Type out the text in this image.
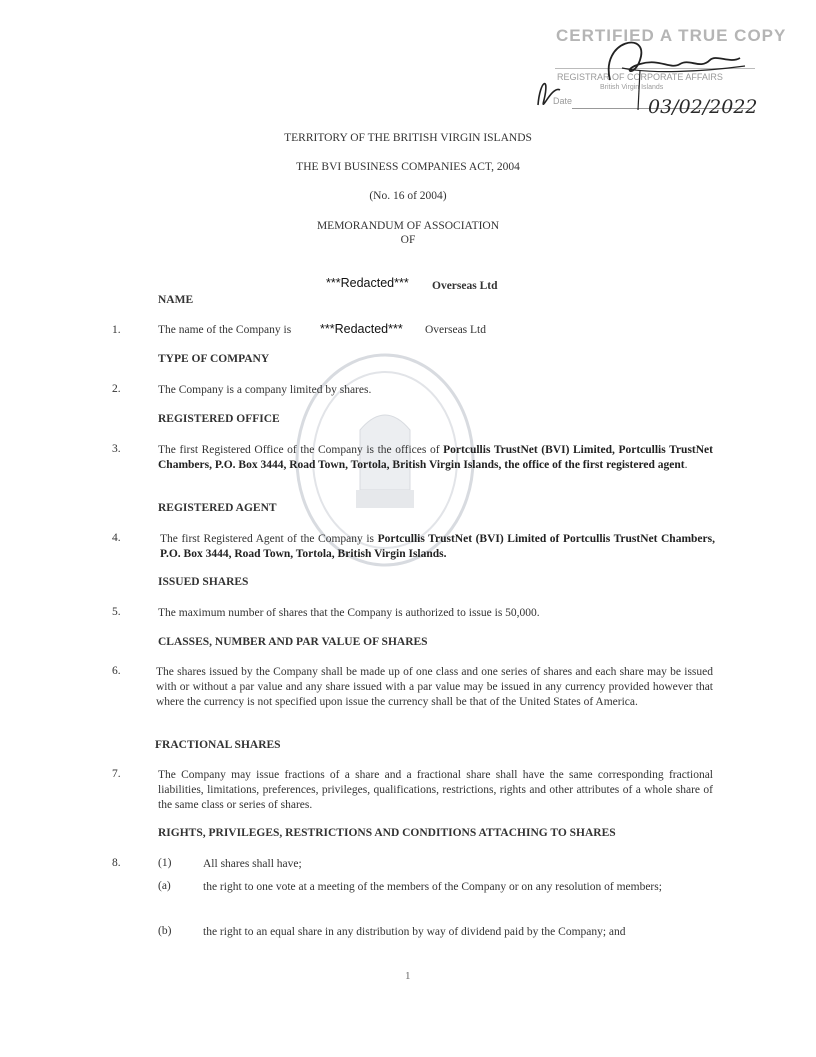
CERTIFIED A TRUE COPY
REGISTRAR OF CORPORATE AFFAIRS
British Virgin Islands
Date	03/02/2022
TERRITORY OF THE BRITISH VIRGIN ISLANDS
THE BVI BUSINESS COMPANIES ACT, 2004
(No. 16 of 2004)
MEMORANDUM OF ASSOCIATION
OF
***Redacted*** Overseas Ltd
NAME
1.	The name of the Company is ***Redacted*** Overseas Ltd
TYPE OF COMPANY
2.	The Company is a company limited by shares.
REGISTERED OFFICE
3.	The first Registered Office of the Company is the offices of Portcullis TrustNet (BVI) Limited, Portcullis TrustNet Chambers, P.O. Box 3444, Road Town, Tortola, British Virgin Islands, the office of the first registered agent.
REGISTERED AGENT
4.	The first Registered Agent of the Company is Portcullis TrustNet (BVI) Limited of Portcullis TrustNet Chambers, P.O. Box 3444, Road Town, Tortola, British Virgin Islands.
ISSUED SHARES
5.	The maximum number of shares that the Company is authorized to issue is 50,000.
CLASSES, NUMBER AND PAR VALUE OF SHARES
6.	The shares issued by the Company shall be made up of one class and one series of shares and each share may be issued with or without a par value and any share issued with a par value may be issued in any currency provided however that where the currency is not specified upon issue the currency shall be that of the United States of America.
FRACTIONAL SHARES
7.	The Company may issue fractions of a share and a fractional share shall have the same corresponding fractional liabilities, limitations, preferences, privileges, qualifications, restrictions, rights and other attributes of a whole share of the same class or series of shares.
RIGHTS, PRIVILEGES, RESTRICTIONS AND CONDITIONS ATTACHING TO SHARES
8.	(1)	All shares shall have;
(a)	the right to one vote at a meeting of the members of the Company or on any resolution of members;
(b)	the right to an equal share in any distribution by way of dividend paid by the Company; and
1
